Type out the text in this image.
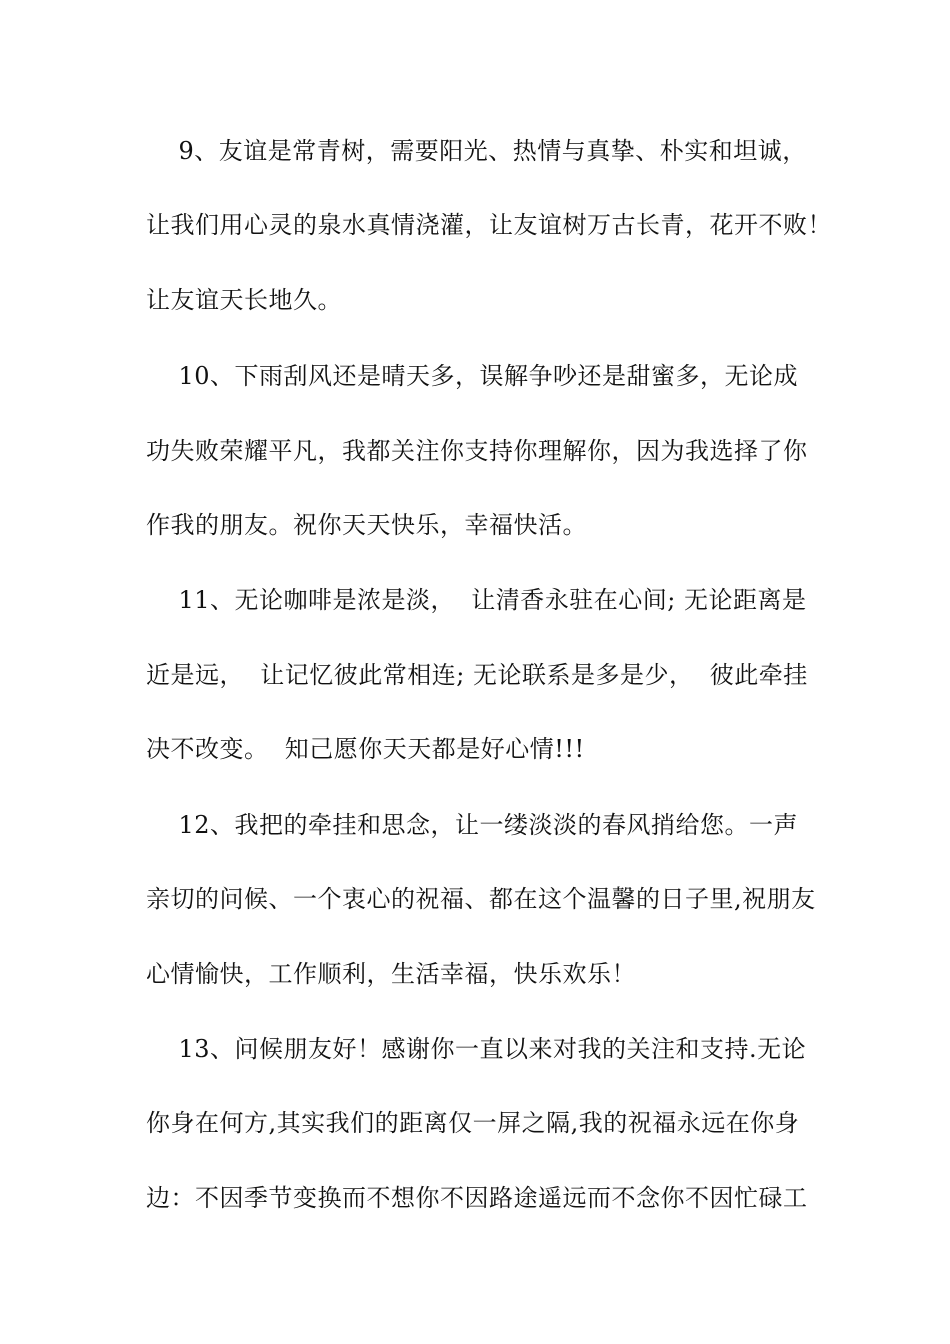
9、友谊是常青树，需要阳光、热情与真挚、朴实和坦诚，
让我们用心灵的泉水真情浇灌，让友谊树万古长青，花开不败！
让友谊天长地久。
10、下雨刮风还是晴天多，误解争吵还是甜蜜多，无论成
功失败荣耀平凡，我都关注你支持你理解你，因为我选择了你
作我的朋友。祝你天天快乐，幸福快活。
11、无论咖啡是浓是淡，  让清香永驻在心间; 无论距离是
近是远，  让记忆彼此常相连; 无论联系是多是少，  彼此牵挂
决不改变。  知己愿你天天都是好心情!!!
12、我把的牵挂和思念，让一缕淡淡的春风捎给您。一声
亲切的问候、一个衷心的祝福、都在这个温馨的日子里,祝朋友
心情愉快，工作顺利，生活幸福，快乐欢乐！
13、问候朋友好！感谢你一直以来对我的关注和支持.无论
你身在何方,其实我们的距离仅一屏之隔,我的祝福永远在你身
边：不因季节变换而不想你不因路途遥远而不念你不因忙碌工
